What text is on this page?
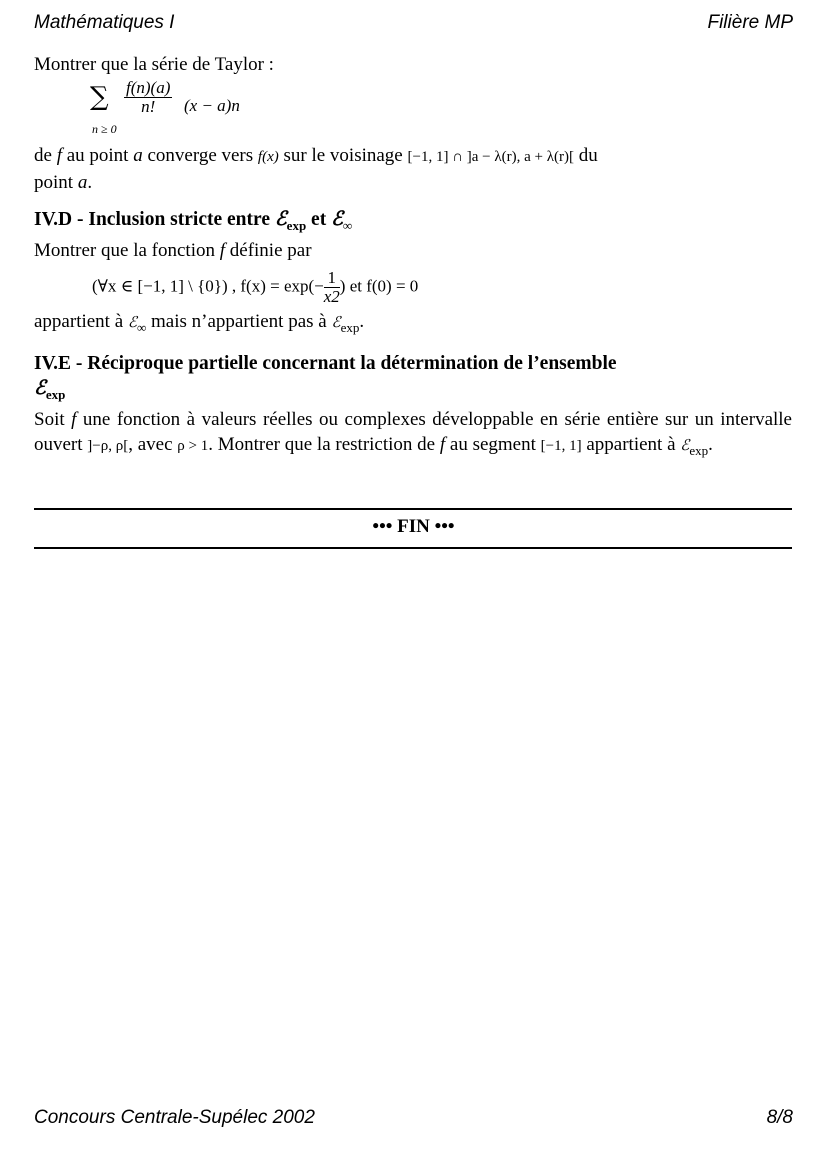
Mathématiques I	Filière MP

Montrer que la série de Taylor :

∑
n ≥ 0
$\frac{f(n)(a)}{n!} (x - a)n$

de f au point a converge vers f(x) sur le voisinage [−1, 1] ∩ ]a − λ(r), a + λ(r)[ du
point a.

IV.D - Inclusion stricte entre ℰ$_{exp}$ et ℰ$_\infty$

Montrer que la fonction f définie par

(∀x ∈ [−1, 1] \ {0}) , $f(x) = \exp(- \frac{1}{x2}$ ) et f(0) = 0

appartient à ℰ$_\infty$ mais n’appartient pas à ℰ$_{exp}$.

IV.E - Réciproque partielle concernant la détermination de l’ensemble
ℰ$_{exp}$

Soit f une fonction à valeurs réelles ou complexes développable en série entière sur un intervalle ouvert ]−ρ, ρ[, avec ρ > 1. Montrer que la restriction de f au segment [−1, 1] appartient à ℰ$_{exp}$.

••• FIN •••
Concours Centrale-Supélec 2002	8/8
